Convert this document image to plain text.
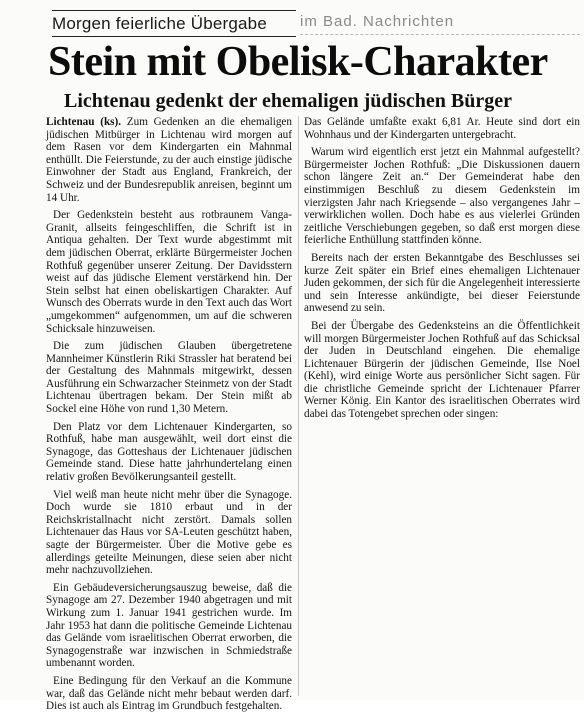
Morgen feierliche Übergabe	im Bad. Nachrichten
Stein mit Obelisk-Charakter
Lichtenau gedenkt der ehemaligen jüdischen Bürger

Lichtenau (ks). Zum Gedenken an die ehemaligen jüdischen Mitbürger in Lichtenau wird morgen auf dem Rasen vor dem Kindergarten ein Mahnmal enthüllt. Die Feierstunde, zu der auch einstige jüdische Einwohner der Stadt aus England, Frankreich, der Schweiz und der Bundesrepublik anreisen, beginnt um 14 Uhr.

Der Gedenkstein besteht aus rotbraunem Vanga-Granit, allseits feingeschliffen, die Schrift ist in Antiqua gehalten. Der Text wurde abgestimmt mit dem jüdischen Oberrat, erklärte Bürgermeister Jochen Rothfuß gegenüber unserer Zeitung. Der Davidsstern weist auf das jüdische Element verstärkend hin. Der Stein selbst hat einen obeliskartigen Charakter. Auf Wunsch des Oberrats wurde in den Text auch das Wort „umgekommen“ aufgenommen, um auf die schweren Schicksale hinzuweisen.

Die zum jüdischen Glauben übergetretene Mannheimer Künstlerin Riki Strassler hat beratend bei der Gestaltung des Mahnmals mitgewirkt, dessen Ausführung ein Schwarzacher Steinmetz von der Stadt Lichtenau übertragen bekam. Der Stein mißt ab Sockel eine Höhe von rund 1,30 Metern.

Den Platz vor dem Lichtenauer Kindergarten, so Rothfuß, habe man ausgewählt, weil dort einst die Synagoge, das Gotteshaus der Lichtenauer jüdischen Gemeinde stand. Diese hatte jahrhundertelang einen relativ großen Bevölkerungsanteil gestellt.

Viel weiß man heute nicht mehr über die Synagoge. Doch wurde sie 1810 erbaut und in der Reichskristallnacht nicht zerstört. Damals sollen Lichtenauer das Haus vor SA-Leuten geschützt haben, sagte der Bürgermeister. Über die Motive gebe es allerdings geteilte Meinungen, diese seien aber nicht mehr nachzuvollziehen.

Ein Gebäudeversicherungsauszug beweise, daß die Synagoge am 27. Dezember 1940 abgetragen und mit Wirkung zum 1. Januar 1941 gestrichen wurde. Im Jahr 1953 hat dann die politische Gemeinde Lichtenau das Gelände vom israelitischen Oberrat erworben, die Synagogenstraße war inzwischen in Schmiedstraße umbenannt worden.

Eine Bedingung für den Verkauf an die Kommune war, daß das Gelände nicht mehr bebaut werden darf. Dies ist auch als Eintrag im Grundbuch festgehalten.

Das Gelände umfaßte exakt 6,81 Ar. Heute sind dort ein Wohnhaus und der Kindergarten untergebracht.

Warum wird eigentlich erst jetzt ein Mahnmal aufgestellt? Bürgermeister Jochen Rothfuß: „Die Diskussionen dauern schon längere Zeit an.“ Der Gemeinderat habe den einstimmigen Beschluß zu diesem Gedenkstein im vierzigsten Jahr nach Kriegsende – also vergangenes Jahr – verwirklichen wollen. Doch habe es aus vielerlei Gründen zeitliche Verschiebungen gegeben, so daß erst morgen diese feierliche Enthüllung stattfinden könne.

Bereits nach der ersten Bekanntgabe des Beschlusses sei kurze Zeit später ein Brief eines ehemaligen Lichtenauer Juden gekommen, der sich für die Angelegenheit interessierte und sein Interesse ankündigte, bei dieser Feierstunde anwesend zu sein.

Bei der Übergabe des Gedenksteins an die Öffentlichkeit will morgen Bürgermeister Jochen Rothfuß auf das Schicksal der Juden in Deutschland eingehen. Die ehemalige Lichtenauer Bürgerin der jüdischen Gemeinde, Ilse Noel (Kehl), wird einige Worte aus persönlicher Sicht sagen. Für die christliche Gemeinde spricht der Lichtenauer Pfarrer Werner König. Ein Kantor des israelitischen Oberrates wird dabei das Totengebet sprechen oder singen:
